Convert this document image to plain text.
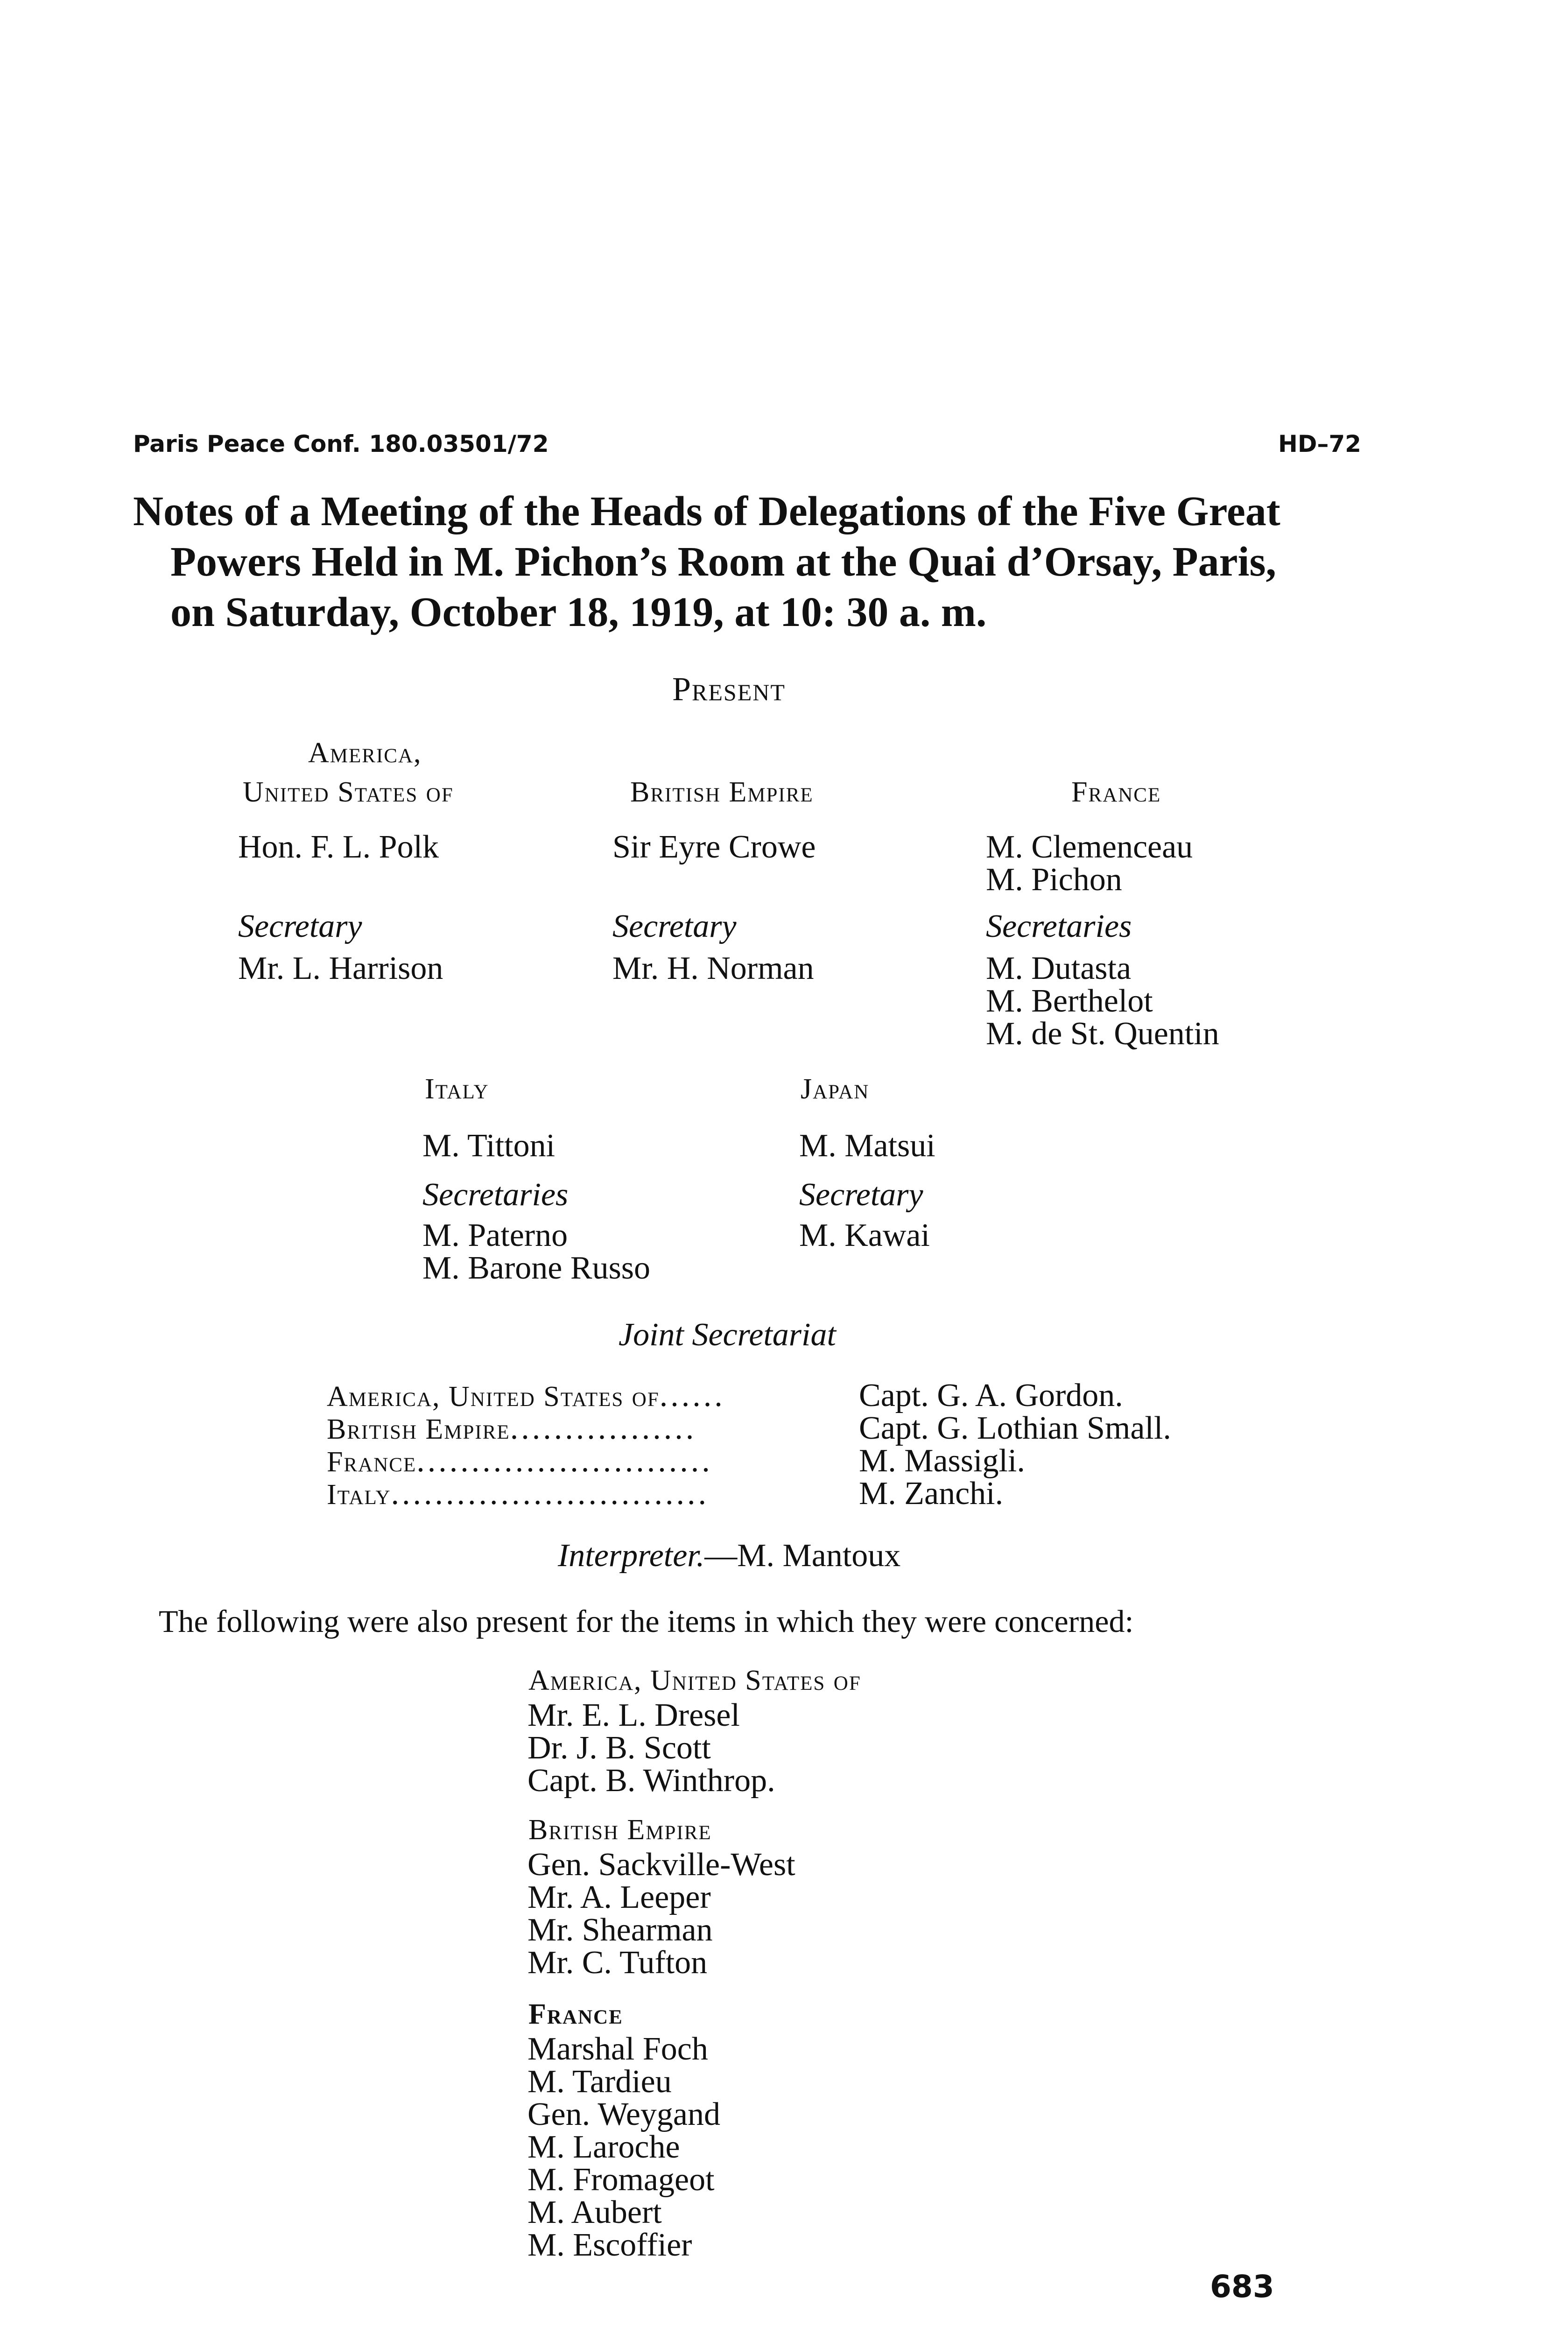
Paris Peace Conf. 180.03501/72	HD–72
Notes of a Meeting of the Heads of Delegations of the Five Great
Powers Held in M. Pichon’s Room at the Quai d’Orsay, Paris,
on Saturday, October 18, 1919, at 10: 30 a. m.
Present
America,
United States of
Hon. F. L. Polk
Secretary
Mr. L. Harrison
British Empire
Sir Eyre Crowe
Secretary
Mr. H. Norman
France
M. Clemenceau
M. Pichon
Secretaries
M. Dutasta
M. Berthelot
M. de St. Quentin
Italy
M. Tittoni
Secretaries
M. Paterno
M. Barone Russo
Japan
M. Matsui
Secretary
M. Kawai
Joint Secretariat
America, United States of......
British Empire.................
France...........................
Italy.............................
Capt. G. A. Gordon.
Capt. G. Lothian Small.
M. Massigli.
M. Zanchi.
Interpreter.—M. Mantoux
The following were also present for the items in which they were concerned:
America, United States of
Mr. E. L. Dresel
Dr. J. B. Scott
Capt. B. Winthrop.
British Empire
Gen. Sackville-West
Mr. A. Leeper
Mr. Shearman
Mr. C. Tufton
France
Marshal Foch
M. Tardieu
Gen. Weygand
M. Laroche
M. Fromageot
M. Aubert
M. Escoffier
683
